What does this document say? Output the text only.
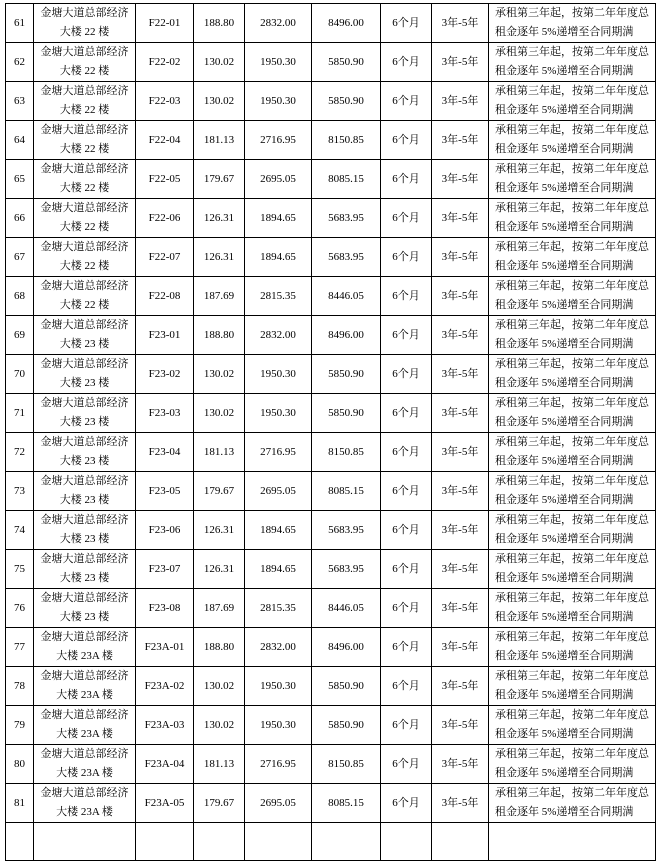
61	金塘大道总部经济
大楼 22 楼	F22-01	188.80	2832.00	8496.00	6个月	3年-5年	承租第三年起，按第二年年度总
租金逐年 5%递增至合同期满

62	金塘大道总部经济
大楼 22 楼	F22-02	130.02	1950.30	5850.90	6个月	3年-5年	承租第三年起，按第二年年度总
租金逐年 5%递增至合同期满

63	金塘大道总部经济
大楼 22 楼	F22-03	130.02	1950.30	5850.90	6个月	3年-5年	承租第三年起，按第二年年度总
租金逐年 5%递增至合同期满

64	金塘大道总部经济
大楼 22 楼	F22-04	181.13	2716.95	8150.85	6个月	3年-5年	承租第三年起，按第二年年度总
租金逐年 5%递增至合同期满

65	金塘大道总部经济
大楼 22 楼	F22-05	179.67	2695.05	8085.15	6个月	3年-5年	承租第三年起，按第二年年度总
租金逐年 5%递增至合同期满

66	金塘大道总部经济
大楼 22 楼	F22-06	126.31	1894.65	5683.95	6个月	3年-5年	承租第三年起，按第二年年度总
租金逐年 5%递增至合同期满

67	金塘大道总部经济
大楼 22 楼	F22-07	126.31	1894.65	5683.95	6个月	3年-5年	承租第三年起，按第二年年度总
租金逐年 5%递增至合同期满

68	金塘大道总部经济
大楼 22 楼	F22-08	187.69	2815.35	8446.05	6个月	3年-5年	承租第三年起，按第二年年度总
租金逐年 5%递增至合同期满

69	金塘大道总部经济
大楼 23 楼	F23-01	188.80	2832.00	8496.00	6个月	3年-5年	承租第三年起，按第二年年度总
租金逐年 5%递增至合同期满

70	金塘大道总部经济
大楼 23 楼	F23-02	130.02	1950.30	5850.90	6个月	3年-5年	承租第三年起，按第二年年度总
租金逐年 5%递增至合同期满

71	金塘大道总部经济
大楼 23 楼	F23-03	130.02	1950.30	5850.90	6个月	3年-5年	承租第三年起，按第二年年度总
租金逐年 5%递增至合同期满

72	金塘大道总部经济
大楼 23 楼	F23-04	181.13	2716.95	8150.85	6个月	3年-5年	承租第三年起，按第二年年度总
租金逐年 5%递增至合同期满

73	金塘大道总部经济
大楼 23 楼	F23-05	179.67	2695.05	8085.15	6个月	3年-5年	承租第三年起，按第二年年度总
租金逐年 5%递增至合同期满

74	金塘大道总部经济
大楼 23 楼	F23-06	126.31	1894.65	5683.95	6个月	3年-5年	承租第三年起，按第二年年度总
租金逐年 5%递增至合同期满

75	金塘大道总部经济
大楼 23 楼	F23-07	126.31	1894.65	5683.95	6个月	3年-5年	承租第三年起，按第二年年度总
租金逐年 5%递增至合同期满

76	金塘大道总部经济
大楼 23 楼	F23-08	187.69	2815.35	8446.05	6个月	3年-5年	承租第三年起，按第二年年度总
租金逐年 5%递增至合同期满

77	金塘大道总部经济
大楼 23A 楼	F23A-01	188.80	2832.00	8496.00	6个月	3年-5年	承租第三年起，按第二年年度总
租金逐年 5%递增至合同期满

78	金塘大道总部经济
大楼 23A 楼	F23A-02	130.02	1950.30	5850.90	6个月	3年-5年	承租第三年起，按第二年年度总
租金逐年 5%递增至合同期满

79	金塘大道总部经济
大楼 23A 楼	F23A-03	130.02	1950.30	5850.90	6个月	3年-5年	承租第三年起，按第二年年度总
租金逐年 5%递增至合同期满

80	金塘大道总部经济
大楼 23A 楼	F23A-04	181.13	2716.95	8150.85	6个月	3年-5年	承租第三年起，按第二年年度总
租金逐年 5%递增至合同期满

81	金塘大道总部经济
大楼 23A 楼	F23A-05	179.67	2695.05	8085.15	6个月	3年-5年	承租第三年起，按第二年年度总
租金逐年 5%递增至合同期满
